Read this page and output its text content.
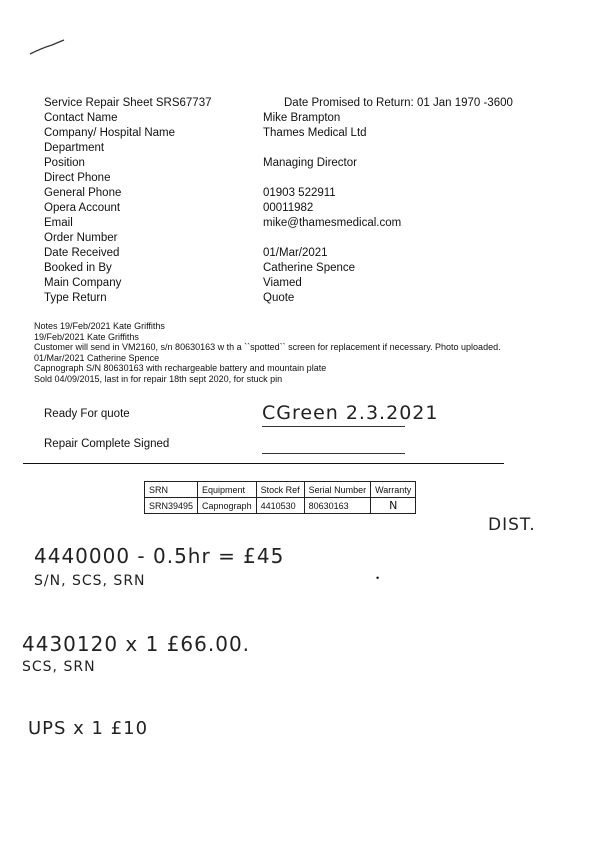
Service Repair Sheet SRS67737	Date Promised to Return: 01 Jan 1970 -3600
Contact Name	Mike Brampton
Company/ Hospital Name	Thames Medical Ltd
Department
Position	Managing Director
Direct Phone
General Phone	01903 522911
Opera Account	00011982
Email	mike@thamesmedical.com
Order Number
Date Received	01/Mar/2021
Booked in By	Catherine Spence
Main Company	Viamed
Type Return	Quote
Notes 19/Feb/2021 Kate Griffiths
19/Feb/2021 Kate Griffiths
Customer will send in VM2160, s/n 80630163 w th a ``spotted`` screen for replacement if necessary. Photo uploaded.
01/Mar/2021 Catherine Spence
Capnograph S/N 80630163 with rechargeable battery and mountain plate
Sold 04/09/2015, last in for repair 18th sept 2020, for stuck pin
Ready For quote	CGreen 2.3.2021
Repair Complete Signed
SRN	Equipment	Stock Ref	Serial Number	Warranty
SRN39495	Capnograph	4410530	80630163	N
DIST.
4440000 - 0.5hr = £45
S/N, SCS, SRN	•
4430120 x 1 £66.00.
SCS, SRN
UPS x 1 £10
